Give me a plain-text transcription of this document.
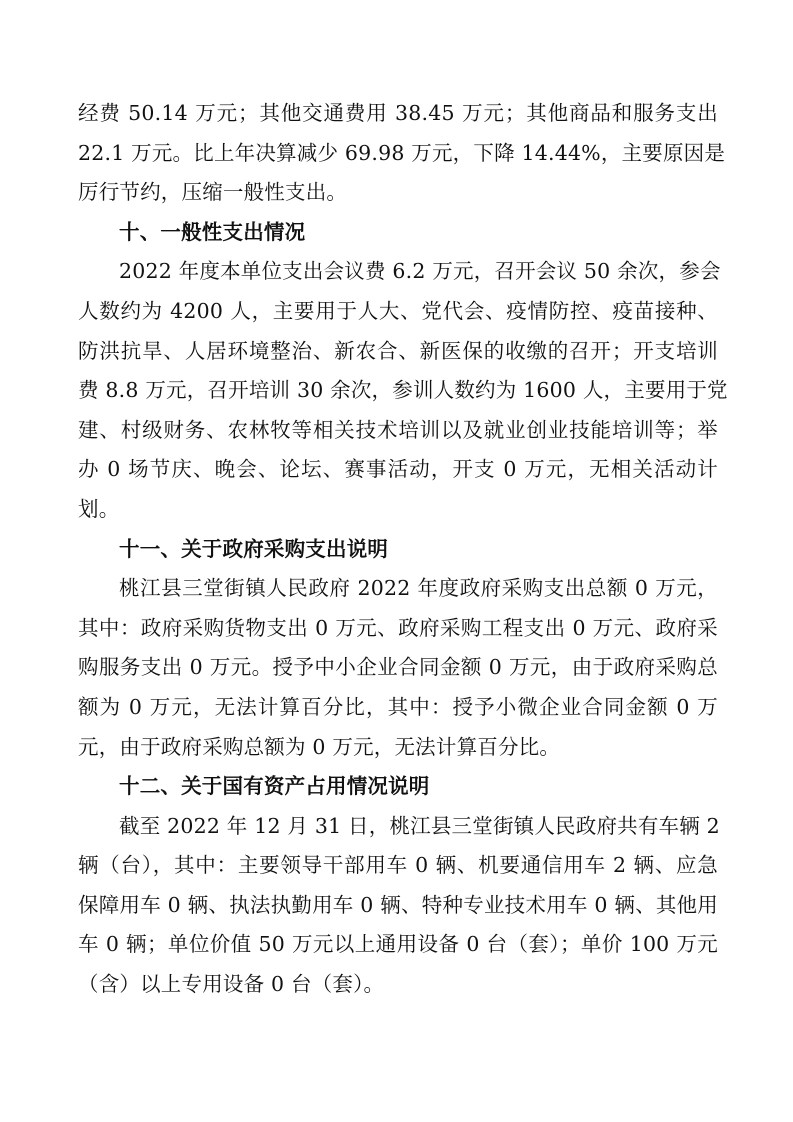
经费 50.14 万元；其他交通费用 38.45 万元；其他商品和服务支出
22.1 万元。比上年决算减少 69.98 万元，下降 14.44%，主要原因是
厉行节约，压缩一般性支出。
十、一般性支出情况
2022 年度本单位支出会议费 6.2 万元，召开会议 50 余次，参会
人数约为 4200 人，主要用于人大、党代会、疫情防控、疫苗接种、
防洪抗旱、人居环境整治、新农合、新医保的收缴的召开；开支培训
费 8.8 万元，召开培训 30 余次，参训人数约为 1600 人，主要用于党
建、村级财务、农林牧等相关技术培训以及就业创业技能培训等；举
办 0 场节庆、晚会、论坛、赛事活动，开支 0 万元，无相关活动计
划。
十一、关于政府采购支出说明
桃江县三堂街镇人民政府 2022 年度政府采购支出总额 0 万元，
其中：政府采购货物支出 0 万元、政府采购工程支出 0 万元、政府采
购服务支出 0 万元。授予中小企业合同金额 0 万元，由于政府采购总
额为 0 万元，无法计算百分比，其中：授予小微企业合同金额 0 万
元，由于政府采购总额为 0 万元，无法计算百分比。
十二、关于国有资产占用情况说明
截至 2022 年 12 月 31 日，桃江县三堂街镇人民政府共有车辆 2
辆（台），其中：主要领导干部用车 0 辆、机要通信用车 2 辆、应急
保障用车 0 辆、执法执勤用车 0 辆、特种专业技术用车 0 辆、其他用
车 0 辆；单位价值 50 万元以上通用设备 0 台（套）；单价 100 万元
（含）以上专用设备 0 台（套）。
